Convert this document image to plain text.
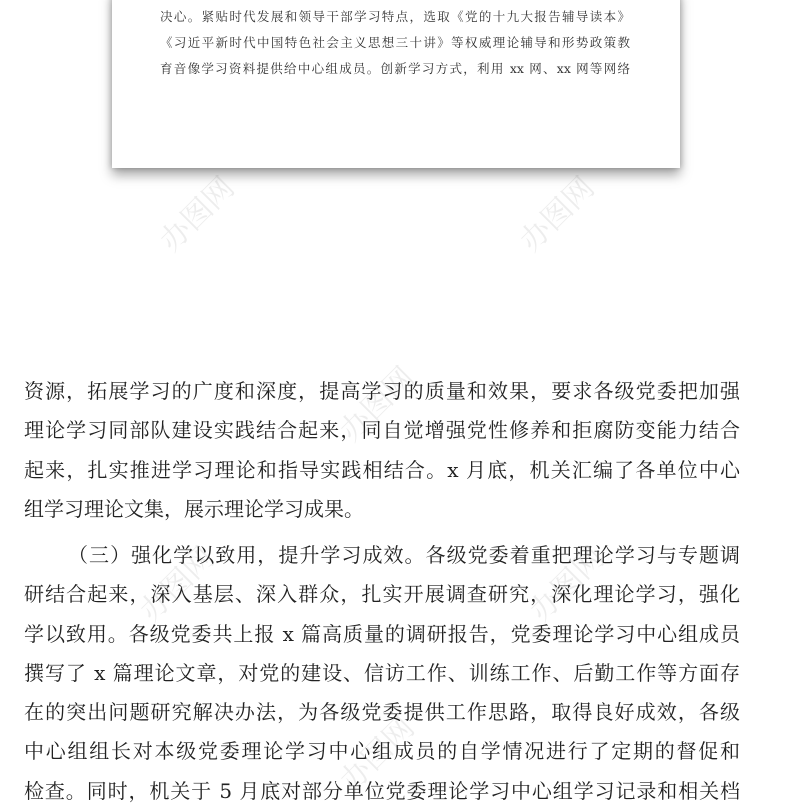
决心。紧贴时代发展和领导干部学习特点，选取《党的十九大报告辅导读本》
《习近平新时代中国特色社会主义思想三十讲》等权威理论辅导和形势政策教
育音像学习资料提供给中心组成员。创新学习方式，利用 xx 网、xx 网等网络
办图网	办图网
办图网
办图网	办图网
办图网
资源，拓展学习的广度和深度，提高学习的质量和效果，要求各级党委把加强
理论学习同部队建设实践结合起来，同自觉增强党性修养和拒腐防变能力结合
起来，扎实推进学习理论和指导实践相结合。x 月底，机关汇编了各单位中心
组学习理论文集，展示理论学习成果。
（三）强化学以致用，提升学习成效。各级党委着重把理论学习与专题调
研结合起来，深入基层、深入群众，扎实开展调查研究，深化理论学习，强化
学以致用。各级党委共上报 x 篇高质量的调研报告，党委理论学习中心组成员
撰写了 x 篇理论文章，对党的建设、信访工作、训练工作、后勤工作等方面存
在的突出问题研究解决办法，为各级党委提供工作思路，取得良好成效，各级
中心组组长对本级党委理论学习中心组成员的自学情况进行了定期的督促和
检查。同时，机关于 5 月底对部分单位党委理论学习中心组学习记录和相关档
